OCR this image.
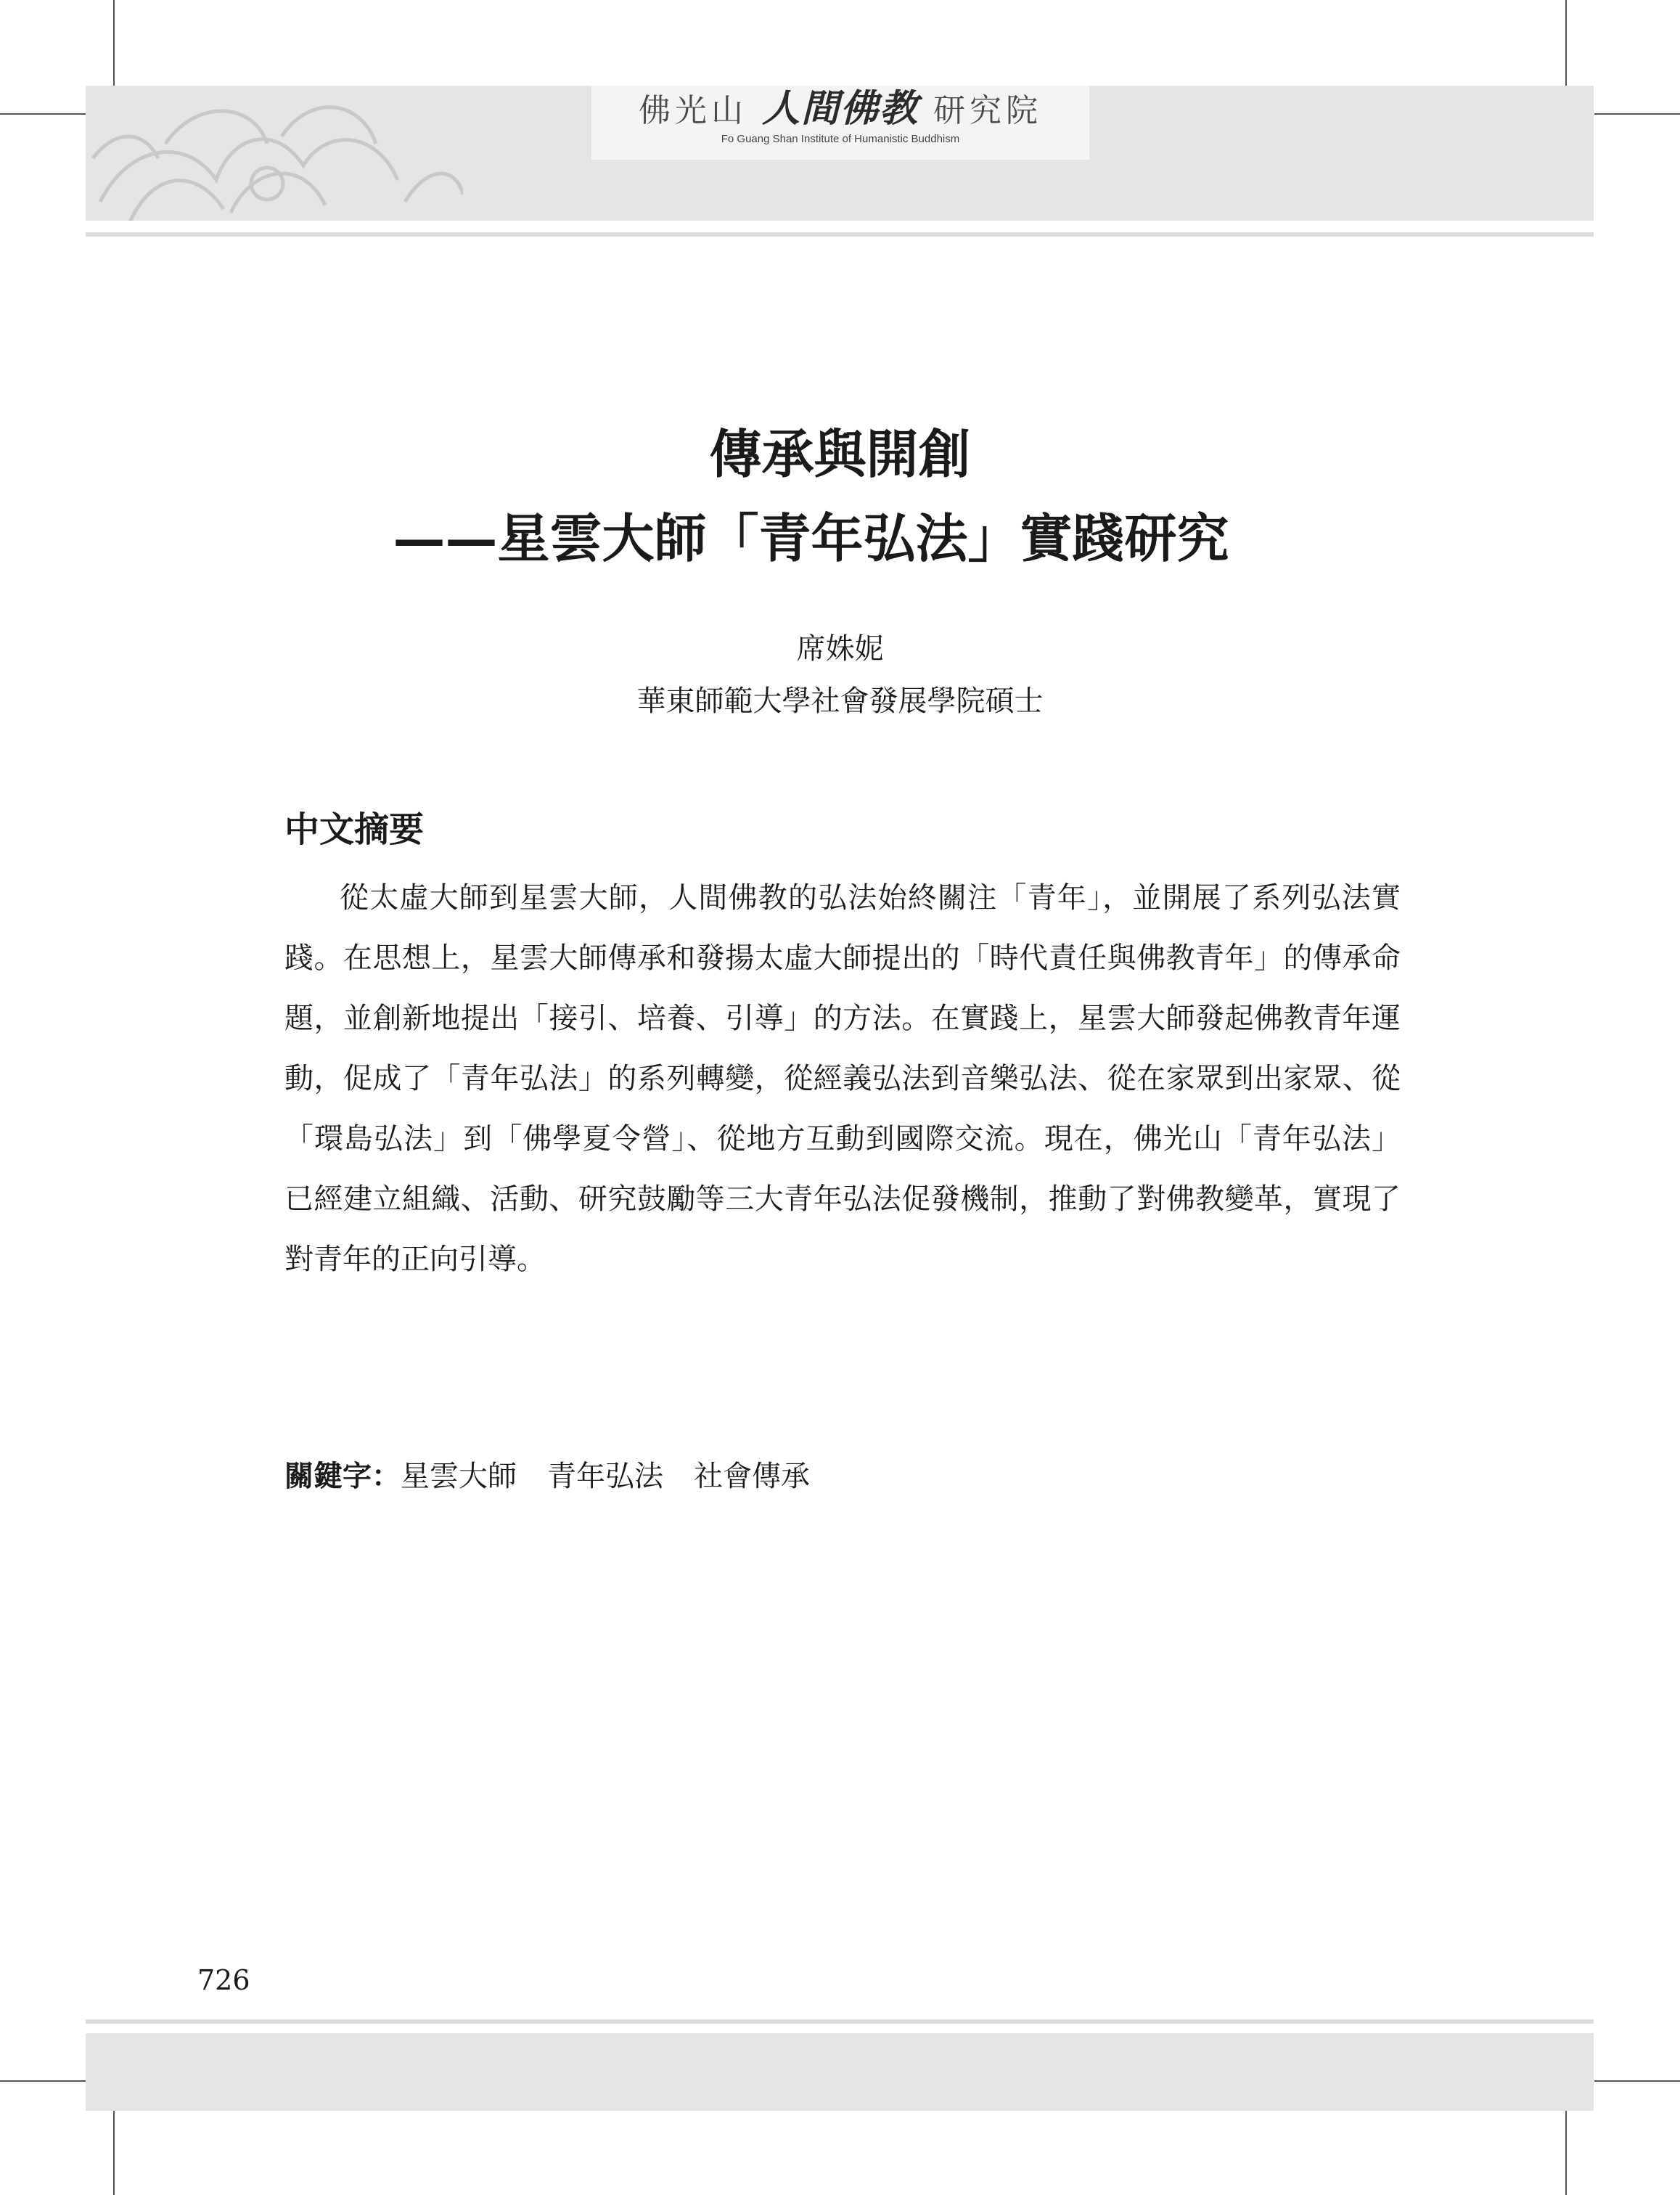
佛光山 人間佛教 研究院
Fo Guang Shan Institute of Humanistic Buddhism
傳承與開創
——星雲大師「青年弘法」實踐研究
席姝妮
華東師範大學社會發展學院碩士
中文摘要
從太虛大師到星雲大師，人間佛教的弘法始終關注「青年」，並開展了系列弘法實踐。在思想上，星雲大師傳承和發揚太虛大師提出的「時代責任與佛教青年」的傳承命題，並創新地提出「接引、培養、引導」的方法。在實踐上，星雲大師發起佛教青年運動，促成了「青年弘法」的系列轉變，從經義弘法到音樂弘法、從在家眾到出家眾、從「環島弘法」到「佛學夏令營」、從地方互動到國際交流。現在，佛光山「青年弘法」已經建立組織、活動、研究鼓勵等三大青年弘法促發機制，推動了對佛教變革，實現了對青年的正向引導。
關鍵字：星雲大師 青年弘法 社會傳承
726
